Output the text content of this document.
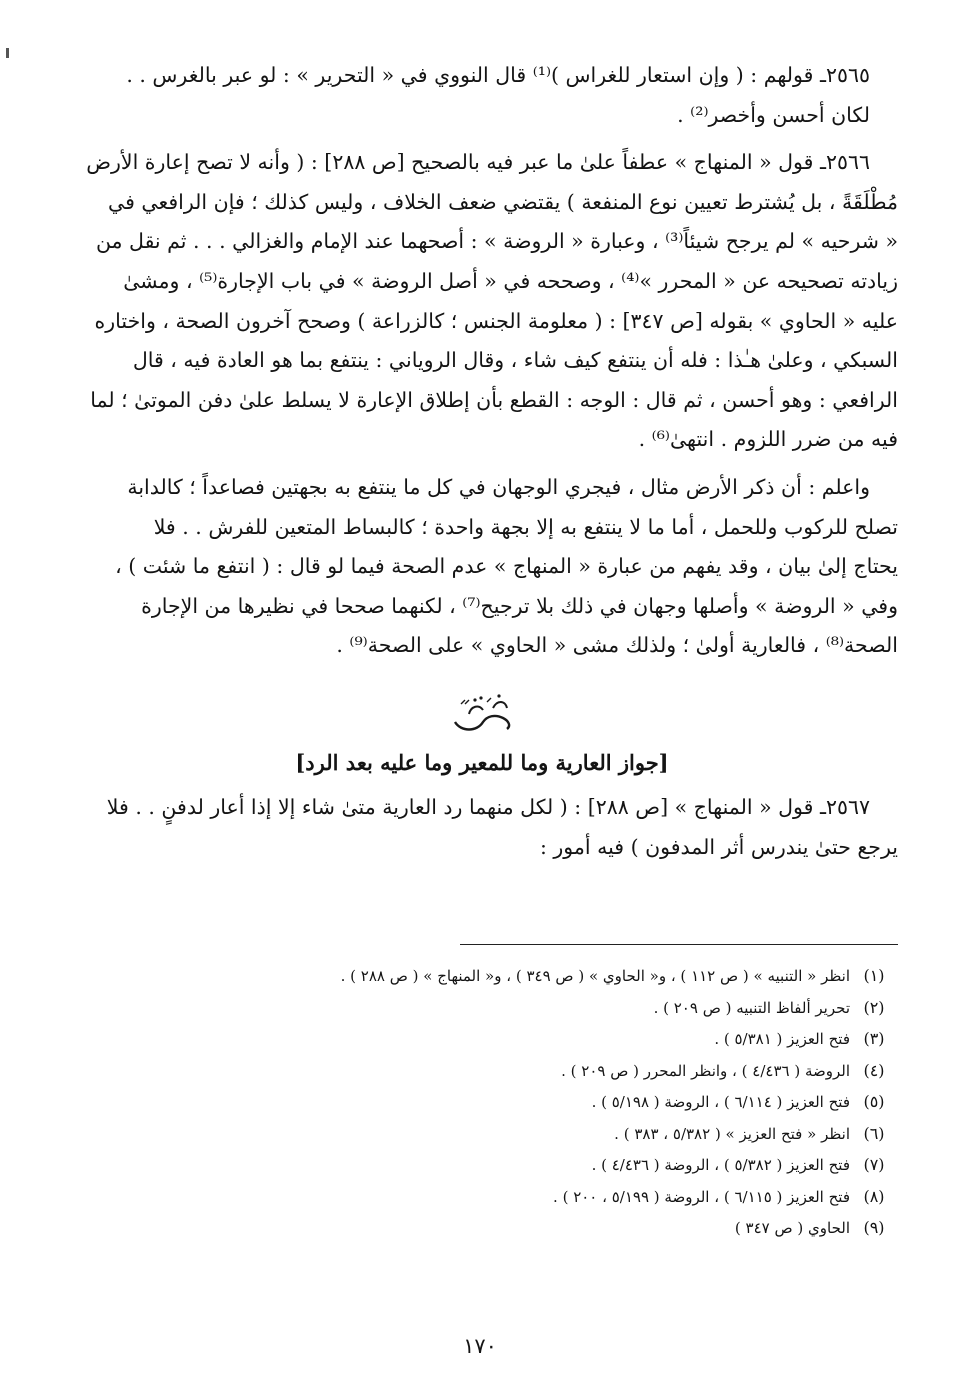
٢٥٦٥ـ قولهم : ( وإن استعار للغراس )⁽¹⁾ قال النووي في « التحرير » : لو عبر بالغرس . .
لكان أحسن وأخصر⁽²⁾ .

٢٥٦٦ـ قول « المنهاج » عطفاً علىٰ ما عبر فيه بالصحيح [ص ٢٨٨] : ( وأنه لا تصح إعارة الأرض
مُطْلَقَةً ، بل يُشترط تعيين نوع المنفعة ) يقتضي ضعف الخلاف ، وليس كذلك ؛ فإن الرافعي في
« شرحيه » لم يرجح شيئاً⁽³⁾ ، وعبارة « الروضة » : أصحهما عند الإمام والغزالي . . . ثم نقل من
زيادته تصحيحه عن « المحرر »⁽⁴⁾ ، وصححه في « أصل الروضة » في باب الإجارة⁽⁵⁾ ، ومشىٰ
عليه « الحاوي » بقوله [ص ٣٤٧] : ( معلومة الجنس ؛ كالزراعة ) وصحح آخرون الصحة ، واختاره
السبكي ، وعلىٰ هـٰذا : فله أن ينتفع كيف شاء ، وقال الروياني : ينتفع بما هو العادة فيه ، قال
الرافعي : وهو أحسن ، ثم قال : الوجه : القطع بأن إطلاق الإعارة لا يسلط علىٰ دفن الموتىٰ ؛ لما
فيه من ضرر اللزوم . انتهىٰ⁽⁶⁾ .

واعلم : أن ذكر الأرض مثال ، فيجري الوجهان في كل ما ينتفع به بجهتين فصاعداً ؛ كالدابة
تصلح للركوب وللحمل ، أما ما لا ينتفع به إلا بجهة واحدة ؛ كالبساط المتعين للفرش . . فلا
يحتاج إلىٰ بيان ، وقد يفهم من عبارة « المنهاج » عدم الصحة فيما لو قال : ( انتفع ما شئت ) ،
وفي « الروضة » وأصلها وجهان في ذلك بلا ترجيح⁽⁷⁾ ، لكنهما صححا في نظيرها من الإجارة
الصحة⁽⁸⁾ ، فالعارية أولىٰ ؛ ولذلك مشى « الحاوي » على الصحة⁽⁹⁾ .

[جواز العارية وما للمعير وما عليه بعد الرد]

٢٥٦٧ـ قول « المنهاج » [ص ٢٨٨] : ( لكل منهما رد العارية متىٰ شاء إلا إذا أعار لدفنٍ . . فلا
يرجع حتىٰ يندرس أثر المدفون ) فيه أمور :

(١)انظر « التنبيه » ( ص ١١٢ ) ، و« الحاوي » ( ص ٣٤٩ ) ، و« المنهاج » ( ص ٢٨٨ ) .
(٢)تحرير ألفاظ التنبيه ( ص ٢٠٩ ) .
(٣)فتح العزيز ( ٥/٣٨١ ) .
(٤)الروضة ( ٤/٤٣٦ ) ، وانظر المحرر ( ص ٢٠٩ ) .
(٥)فتح العزيز ( ٦/١١٤ ) ، الروضة ( ٥/١٩٨ ) .
(٦)انظر « فتح العزيز » ( ٥/٣٨٢ ، ٣٨٣ ) .
(٧)فتح العزيز ( ٥/٣٨٢ ) ، الروضة ( ٤/٤٣٦ ) .
(٨)فتح العزيز ( ٦/١١٥ ) ، الروضة ( ٥/١٩٩ ، ٢٠٠ ) .
(٩)الحاوي ( ص ٣٤٧ )
١٧٠
